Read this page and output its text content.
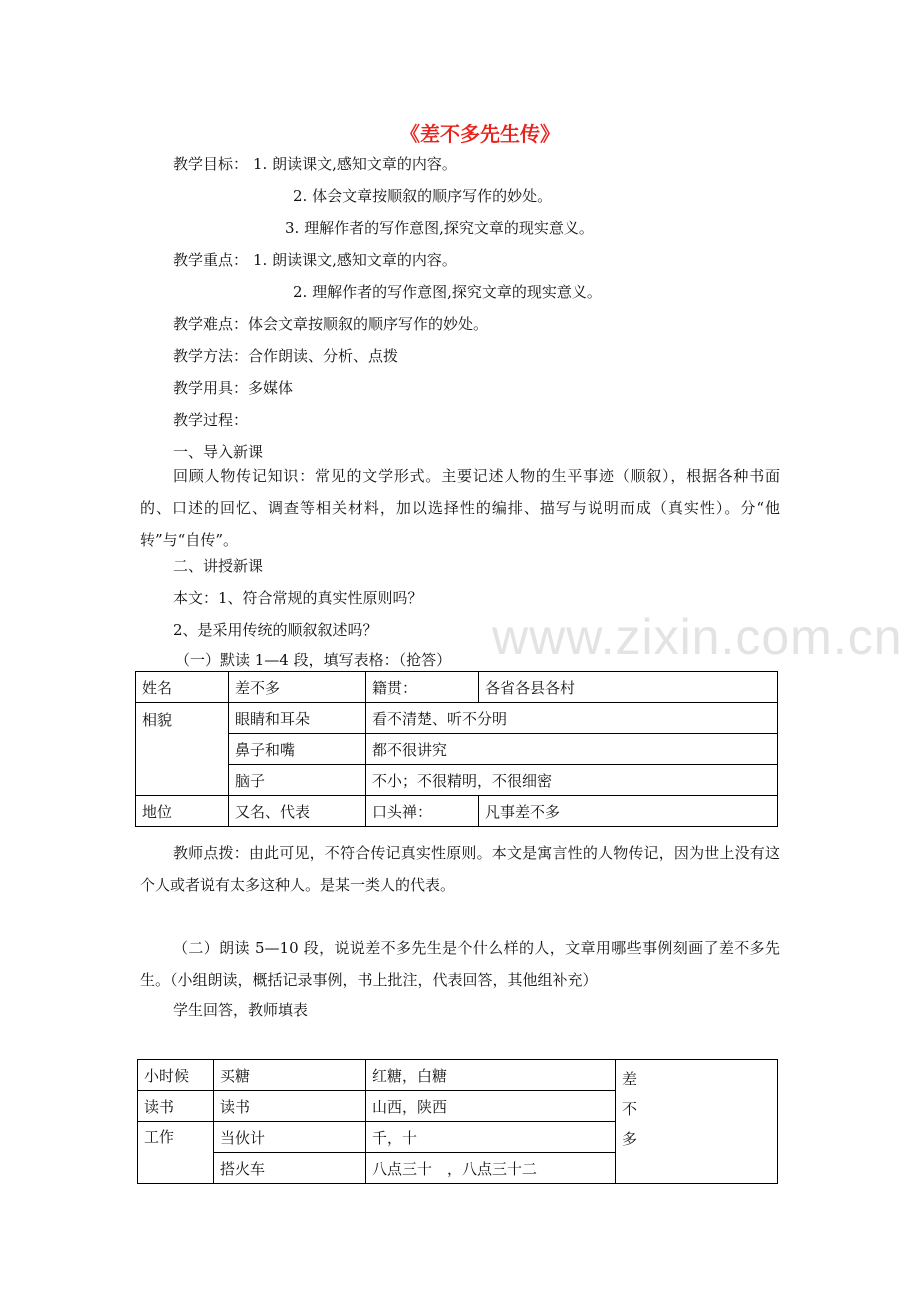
《差不多先生传》
教学目标： 1. 朗读课文,感知文章的内容。
2. 体会文章按顺叙的顺序写作的妙处。
3. 理解作者的写作意图,探究文章的现实意义。
教学重点： 1. 朗读课文,感知文章的内容。
2. 理解作者的写作意图,探究文章的现实意义。
教学难点：体会文章按顺叙的顺序写作的妙处。
教学方法：合作朗读、分析、点拨
教学用具：多媒体
教学过程：
一、导入新课
回顾人物传记知识：常见的文学形式。主要记述人物的生平事迹（顺叙），根据各种书面的、口述的回忆、调查等相关材料，加以选择性的编排、描写与说明而成（真实性）。分“他转”与“自传”。
二、讲授新课
本文：1、符合常规的真实性原则吗？
2、是采用传统的顺叙叙述吗？ www.zixin.com.cn
（一）默读 1—4 段，填写表格：（抢答）
姓名	差不多	籍贯：	各省各县各村
相貌	眼睛和耳朵	看不清楚、听不分明	
	鼻子和嘴	都不很讲究	
	脑子	不小；不很精明，不很细密	
地位	又名、代表	口头禅：	凡事差不多
教师点拨：由此可见，不符合传记真实性原则。本文是寓言性的人物传记，因为世上没有这个人或者说有太多这种人。是某一类人的代表。
（二）朗读 5—10 段，说说差不多先生是个什么样的人，文章用哪些事例刻画了差不多先生。（小组朗读，概括记录事例，书上批注，代表回答，其他组补充）
学生回答，教师填表
小时候	买糖	红糖，白糖	差
不
多

读书	读书	山西，陕西	
工作	当伙计	千，十	
	搭火车	八点三十　，八点三十二	
